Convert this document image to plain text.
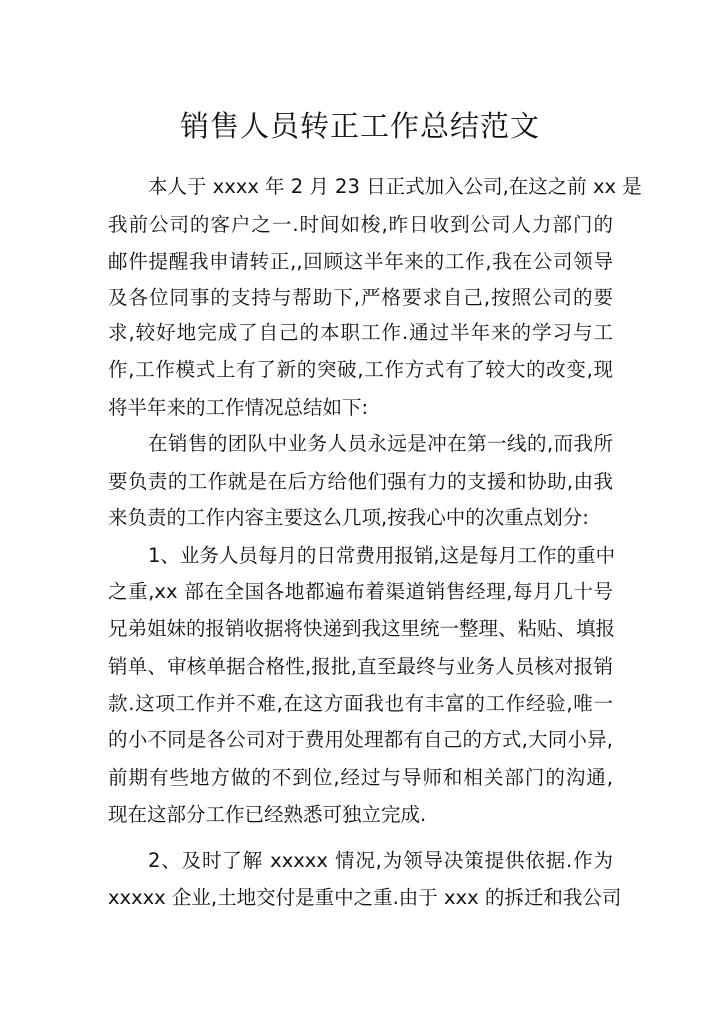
销售人员转正工作总结范文
本人于 xxxx 年 2 月 23 日正式加入公司,在这之前 xx 是
我前公司的客户之一.时间如梭,昨日收到公司人力部门的
邮件提醒我申请转正,,回顾这半年来的工作,我在公司领导
及各位同事的支持与帮助下,严格要求自己,按照公司的要
求,较好地完成了自己的本职工作.通过半年来的学习与工
作,工作模式上有了新的突破,工作方式有了较大的改变,现
将半年来的工作情况总结如下:
在销售的团队中业务人员永远是冲在第一线的,而我所
要负责的工作就是在后方给他们强有力的支援和协助,由我
来负责的工作内容主要这么几项,按我心中的次重点划分:
1、业务人员每月的日常费用报销,这是每月工作的重中
之重,xx 部在全国各地都遍布着渠道销售经理,每月几十号
兄弟姐妹的报销收据将快递到我这里统一整理、粘贴、填报
销单、审核单据合格性,报批,直至最终与业务人员核对报销
款.这项工作并不难,在这方面我也有丰富的工作经验,唯一
的小不同是各公司对于费用处理都有自己的方式,大同小异,
前期有些地方做的不到位,经过与导师和相关部门的沟通,
现在这部分工作已经熟悉可独立完成.
2、及时了解 xxxxx 情况,为领导决策提供依据.作为
xxxxx 企业,土地交付是重中之重.由于 xxx 的拆迁和我公司
